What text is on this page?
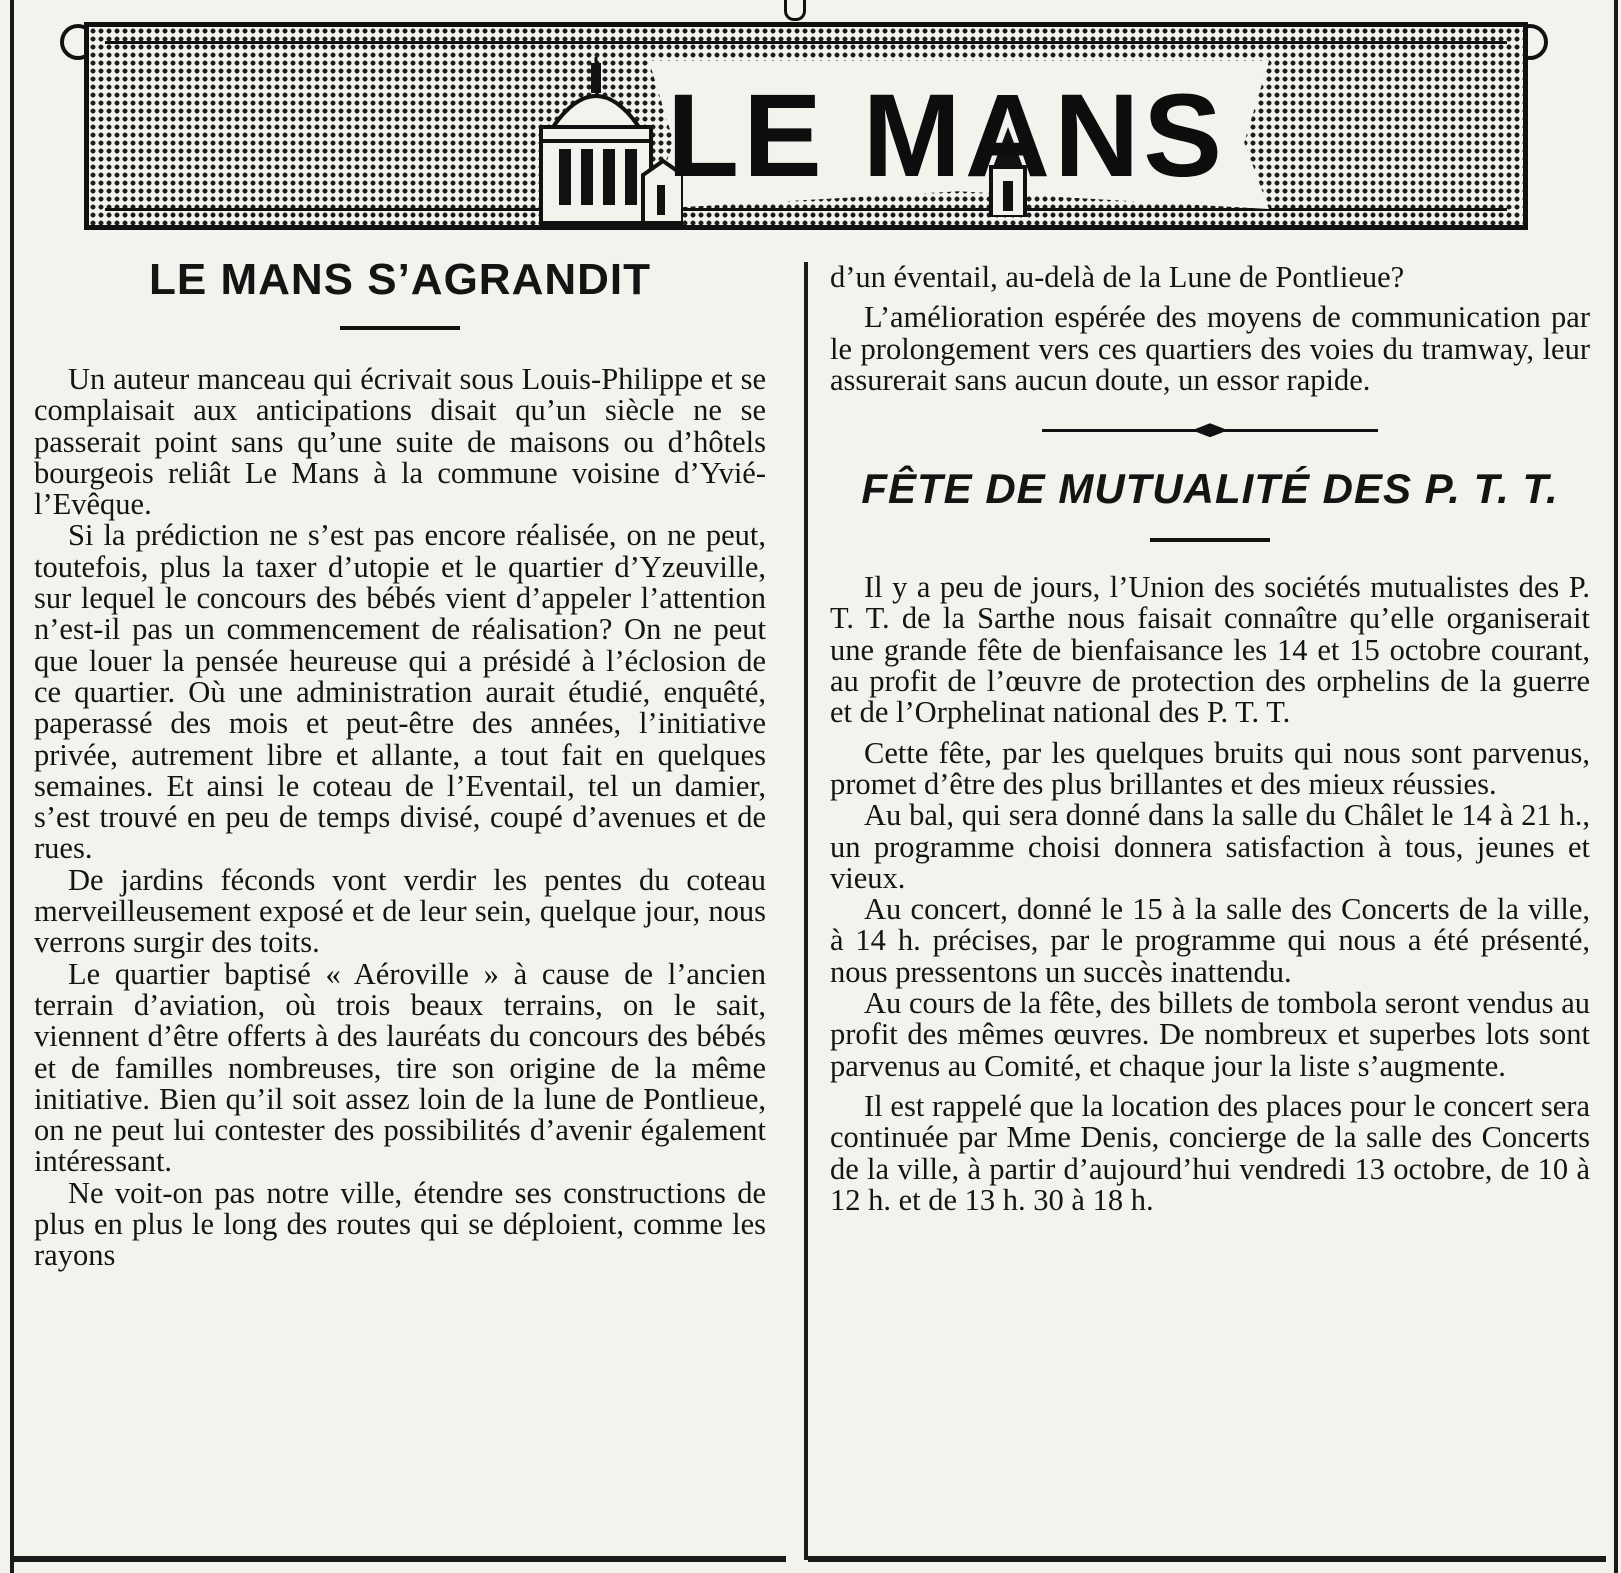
LE MANS
LE MANS S’AGRANDIT

Un auteur manceau qui écrivait sous Louis-Philippe et se complaisait aux anticipations disait qu’un siècle ne se passerait point sans qu’une suite de maisons ou d’hôtels bourgeois reliât Le Mans à la commune voisine d’Yvié-l’Evêque.

Si la prédiction ne s’est pas encore réalisée, on ne peut, toutefois, plus la taxer d’utopie et le quartier d’Yzeuville, sur lequel le concours des bébés vient d’appeler l’attention n’est-il pas un commencement de réalisation? On ne peut que louer la pensée heureuse qui a présidé à l’éclosion de ce quartier. Où une administration aurait étudié, enquêté, paperassé des mois et peut-être des années, l’initiative privée, autrement libre et allante, a tout fait en quelques semaines. Et ainsi le coteau de l’Eventail, tel un damier, s’est trouvé en peu de temps divisé, coupé d’avenues et de rues.

De jardins féconds vont verdir les pentes du coteau merveilleusement exposé et de leur sein, quelque jour, nous verrons surgir des toits.

Le quartier baptisé « Aéroville » à cause de l’ancien terrain d’aviation, où trois beaux terrains, on le sait, viennent d’être offerts à des lauréats du concours des bébés et de familles nombreuses, tire son origine de la même initiative. Bien qu’il soit assez loin de la lune de Pontlieue, on ne peut lui contester des possibilités d’avenir également intéressant.

Ne voit-on pas notre ville, étendre ses constructions de plus en plus le long des routes qui se déploient, comme les rayons

d’un éventail, au-delà de la Lune de Pontlieue?

L’amélioration espérée des moyens de communication par le prolongement vers ces quartiers des voies du tramway, leur assurerait sans aucun doute, un essor rapide.

FÊTE DE MUTUALITÉ DES P. T. T.

Il y a peu de jours, l’Union des sociétés mutualistes des P. T. T. de la Sarthe nous faisait connaître qu’elle organiserait une grande fête de bienfaisance les 14 et 15 octobre courant, au profit de l’œuvre de protection des orphelins de la guerre et de l’Orphelinat national des P. T. T.

Cette fête, par les quelques bruits qui nous sont parvenus, promet d’être des plus brillantes et des mieux réussies.

Au bal, qui sera donné dans la salle du Châlet le 14 à 21 h., un programme choisi donnera satisfaction à tous, jeunes et vieux.

Au concert, donné le 15 à la salle des Concerts de la ville, à 14 h. précises, par le programme qui nous a été présenté, nous pressentons un succès inattendu.

Au cours de la fête, des billets de tombola seront vendus au profit des mêmes œuvres. De nombreux et superbes lots sont parvenus au Comité, et chaque jour la liste s’augmente.

Il est rappelé que la location des places pour le concert sera continuée par Mme Denis, concierge de la salle des Concerts de la ville, à partir d’aujourd’hui vendredi 13 octobre, de 10 à 12 h. et de 13 h. 30 à 18 h.
